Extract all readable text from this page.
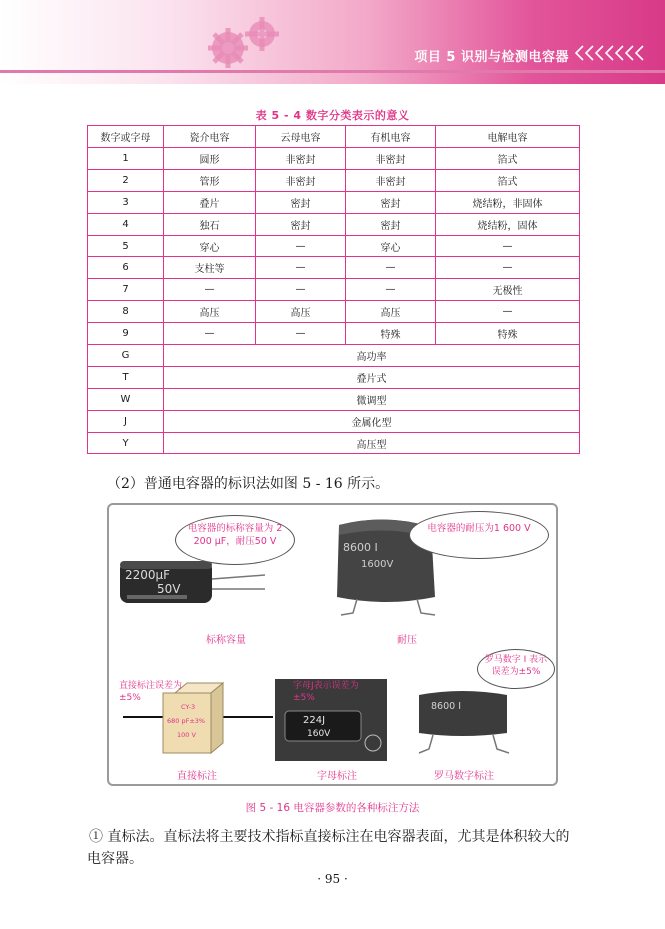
项目 5 识别与检测电容器
表 5 - 4 数字分类表示的意义
数字或字母	瓷介电容	云母电容	有机电容	电解电容
1	圆形	非密封	非密封	箔式
2	管形	非密封	非密封	箔式
3	叠片	密封	密封	烧结粉，非固体
4	独石	密封	密封	烧结粉，固体
5	穿心	—	穿心	—
6	支柱等	—	—	—
7	—	—	—	无极性
8	高压	高压	高压	—
9	—	—	特殊	特殊
G	高功率			
T	叠片式			
W	微调型			
J	金属化型			
Y	高压型			
（2）普通电容器的标识法如图 5 - 16 所示。
2200μF
50V
电容器的标称容量为 2 200 μF，耐压50 V
标称容量
8600 I
1600V
电容器的耐压为1 600 V
耐压
CY-3
680 pF±3%
100 V
直接标注误差为±5%
直接标注
224J
160V
字母J表示误差为±5%
字母标注
8600 I
罗马数字 I 表示误差为±5%
罗马数字标注
图 5 - 16 电容器参数的各种标注方法
① 直标法。直标法将主要技术指标直接标注在电容器表面，尤其是体积较大的电容器。
· 95 ·
